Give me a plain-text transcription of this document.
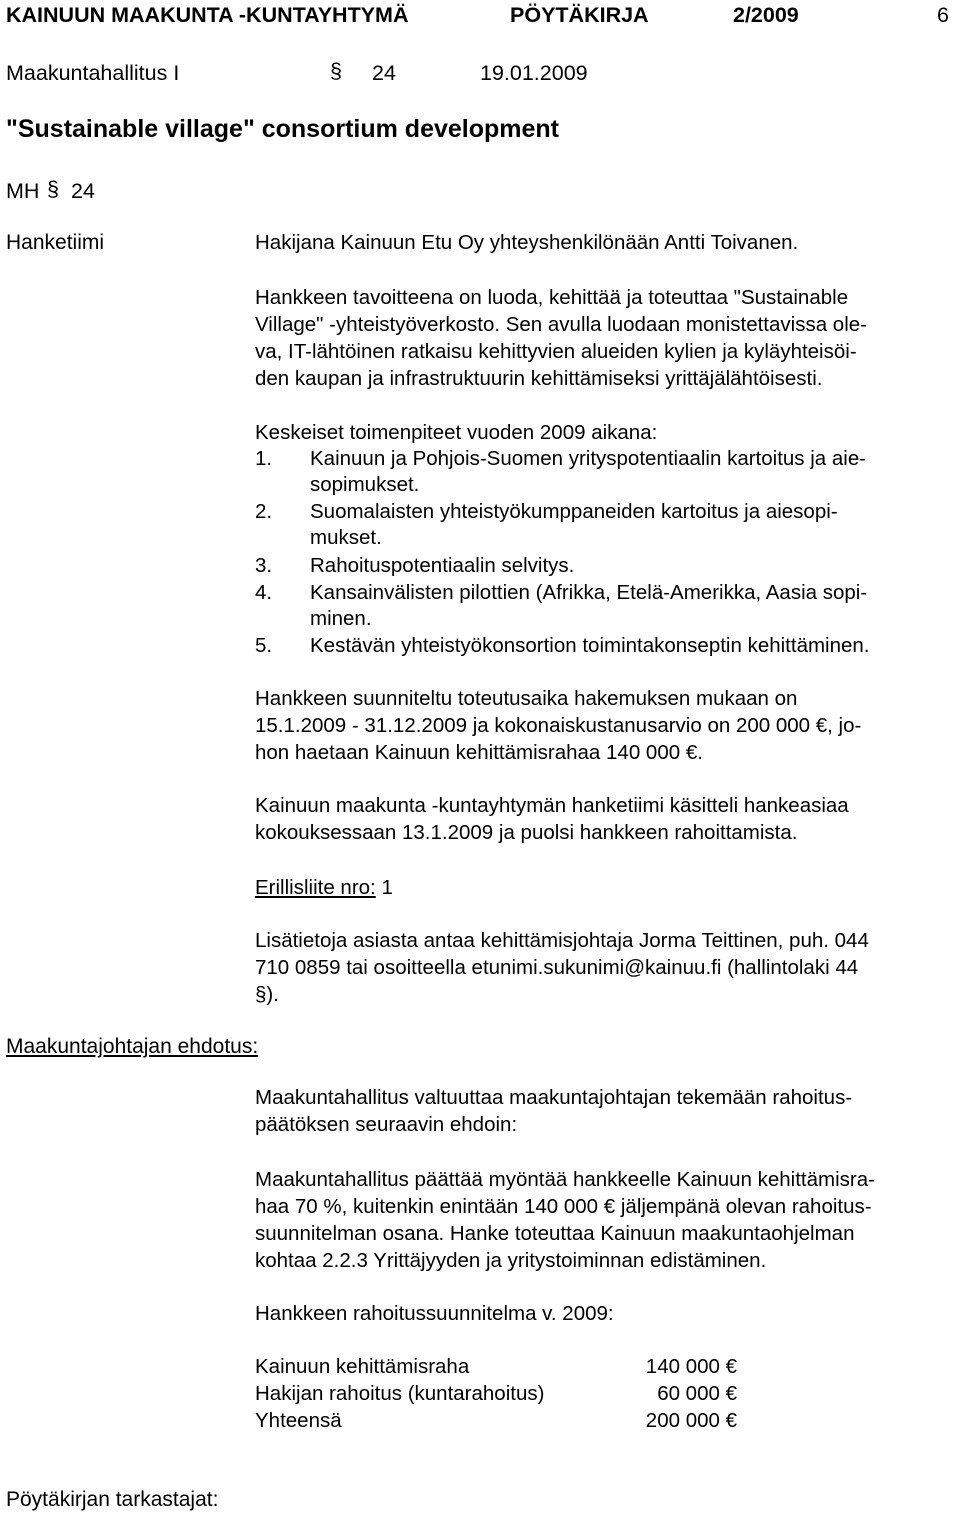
KAINUUN MAAKUNTA -KUNTAYHTYMÄ	PÖYTÄKIRJA	2/2009	6
Maakuntahallitus I	§ 24	19.01.2009
"Sustainable village" consortium development
MH § 24
Hanketiimi
Maakuntajohtajan ehdotus:
Pöytäkirjan tarkastajat:
Hakijana Kainuun Etu Oy yhteyshenkilönään Antti Toivanen.
Hankkeen tavoitteena on luoda, kehittää ja toteuttaa "Sustainable
Village" -yhteistyöverkosto. Sen avulla luodaan monistettavissa ole-
va, IT-lähtöinen ratkaisu kehittyvien alueiden kylien ja kyläyhteisöi-
den kaupan ja infrastruktuurin kehittämiseksi yrittäjälähtöisesti.
Keskeiset toimenpiteet vuoden 2009 aikana:
1. Kainuun ja Pohjois-Suomen yrityspotentiaalin kartoitus ja aie-
sopimukset.
2. Suomalaisten yhteistyökumppaneiden kartoitus ja aiesopi-
mukset.
3. Rahoituspotentiaalin selvitys.
4. Kansainvälisten pilottien (Afrikka, Etelä-Amerikka, Aasia sopi-
minen.
5. Kestävän yhteistyökonsortion toimintakonseptin kehittäminen.
Hankkeen suunniteltu toteutusaika hakemuksen mukaan on
15.1.2009 - 31.12.2009 ja kokonaiskustanusarvio on 200 000 €, jo-
hon haetaan Kainuun kehittämisrahaa 140 000 €.
Kainuun maakunta -kuntayhtymän hanketiimi käsitteli hankeasiaa
kokouksessaan 13.1.2009 ja puolsi hankkeen rahoittamista.
Erillisliite nro: 1
Lisätietoja asiasta antaa kehittämisjohtaja Jorma Teittinen, puh. 044
710 0859 tai osoitteella etunimi.sukunimi@kainuu.fi (hallintolaki 44
§).
Maakuntahallitus valtuuttaa maakuntajohtajan tekemään rahoitus-
päätöksen seuraavin ehdoin:
Maakuntahallitus päättää myöntää hankkeelle Kainuun kehittämisra-
haa 70 %, kuitenkin enintään 140 000 € jäljempänä olevan rahoitus-
suunnitelman osana. Hanke toteuttaa Kainuun maakuntaohjelman
kohtaa 2.2.3 Yrittäjyyden ja yritystoiminnan edistäminen.
Hankkeen rahoitussuunnitelma v. 2009:
Kainuun kehittämisraha	140 000 €
Hakijan rahoitus (kuntarahoitus)	60 000 €
Yhteensä	200 000 €
